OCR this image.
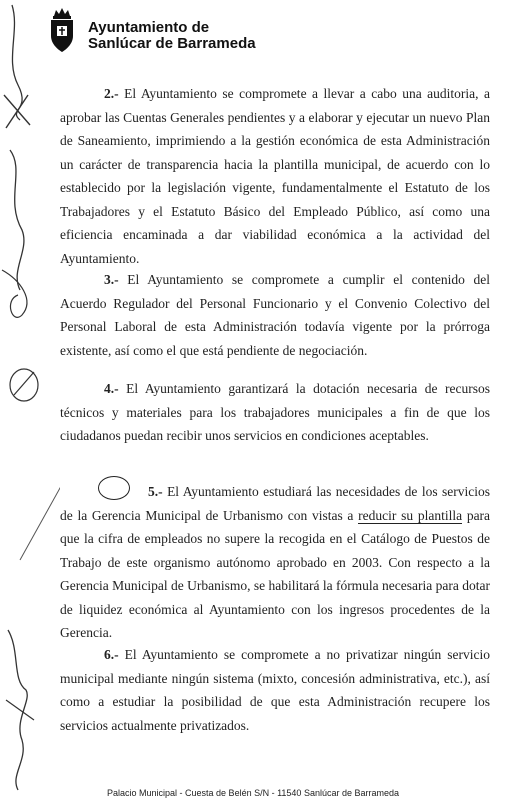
Ayuntamiento de
Sanlúcar de Barrameda

2.- El Ayuntamiento se compromete a llevar a cabo una auditoria, a aprobar las Cuentas Generales pendientes y a elaborar y ejecutar un nuevo Plan de Saneamiento, imprimiendo a la gestión económica de esta Administración un carácter de transparencia hacia la plantilla municipal, de acuerdo con lo establecido por la legislación vigente, fundamentalmente el Estatuto de los Trabajadores y el Estatuto Básico del Empleado Público, así como una eficiencia encaminada a dar viabilidad económica a la actividad del Ayuntamiento.

3.- El Ayuntamiento se compromete a cumplir el contenido del Acuerdo Regulador del Personal Funcionario y el Convenio Colectivo del Personal Laboral de esta Administración todavía vigente por la prórroga existente, así como el que está pendiente de negociación.

4.- El Ayuntamiento garantizará la dotación necesaria de recursos técnicos y materiales para los trabajadores municipales a fin de que los ciudadanos puedan recibir unos servicios en condiciones aceptables.

5.- El Ayuntamiento estudiará las necesidades de los servicios de la Gerencia Municipal de Urbanismo con vistas a reducir su plantilla para que la cifra de empleados no supere la recogida en el Catálogo de Puestos de Trabajo de este organismo autónomo aprobado en 2003. Con respecto a la Gerencia Municipal de Urbanismo, se habilitará la fórmula necesaria para dotar de liquidez económica al Ayuntamiento con los ingresos procedentes de la Gerencia.

6.- El Ayuntamiento se compromete a no privatizar ningún servicio municipal mediante ningún sistema (mixto, concesión administrativa, etc.), así como a estudiar la posibilidad de que esta Administración recupere los servicios actualmente privatizados.

Palacio Municipal - Cuesta de Belén S/N - 11540 Sanlúcar de Barrameda
